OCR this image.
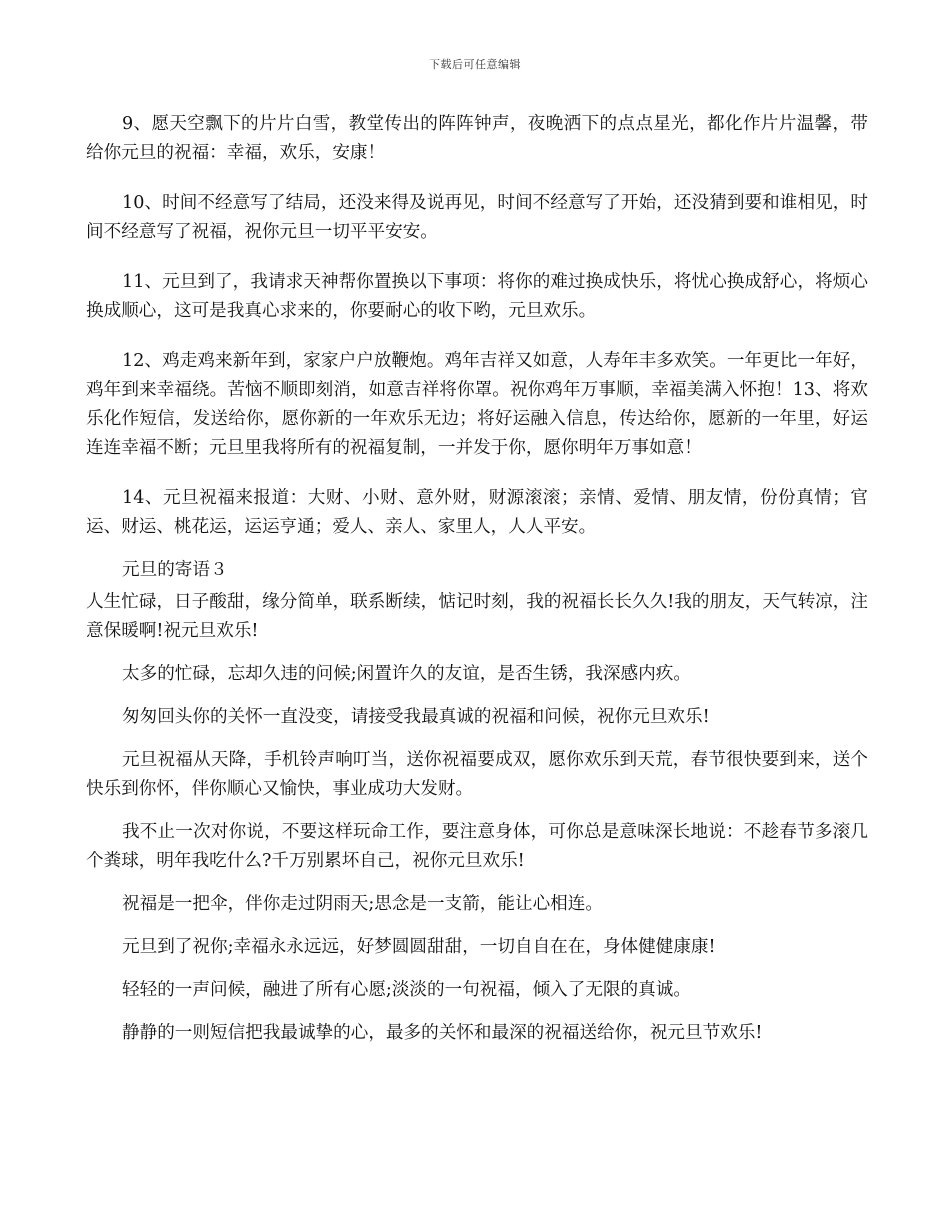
下载后可任意编辑

9、愿天空飘下的片片白雪，教堂传出的阵阵钟声，夜晚洒下的点点星光，都化作片片温馨，带给你元旦的祝福：幸福，欢乐，安康！

10、时间不经意写了结局，还没来得及说再见，时间不经意写了开始，还没猜到要和谁相见，时间不经意写了祝福，祝你元旦一切平平安安。

11、元旦到了，我请求天神帮你置换以下事项：将你的难过换成快乐，将忧心换成舒心，将烦心换成顺心，这可是我真心求来的，你要耐心的收下哟，元旦欢乐。

12、鸡走鸡来新年到，家家户户放鞭炮。鸡年吉祥又如意，人寿年丰多欢笑。一年更比一年好，鸡年到来幸福绕。苦恼不顺即刻消，如意吉祥将你罩。祝你鸡年万事顺，幸福美满入怀抱！13、将欢乐化作短信，发送给你，愿你新的一年欢乐无边；将好运融入信息，传达给你，愿新的一年里，好运连连幸福不断；元旦里我将所有的祝福复制，一并发于你，愿你明年万事如意！

14、元旦祝福来报道：大财、小财、意外财，财源滚滚；亲情、爱情、朋友情，份份真情；官运、财运、桃花运，运运亨通；爱人、亲人、家里人，人人平安。

元旦的寄语３

人生忙碌，日子酸甜，缘分简单，联系断续，惦记时刻，我的祝福长长久久!我的朋友，天气转凉，注意保暖啊!祝元旦欢乐!

太多的忙碌，忘却久违的问候;闲置许久的友谊，是否生锈，我深感内疚。

匆匆回头你的关怀一直没变，请接受我最真诚的祝福和问候，祝你元旦欢乐!

元旦祝福从天降，手机铃声响叮当，送你祝福要成双，愿你欢乐到天荒，春节很快要到来，送个快乐到你怀，伴你顺心又愉快，事业成功大发财。

我不止一次对你说，不要这样玩命工作，要注意身体，可你总是意味深长地说：不趁春节多滚几个粪球，明年我吃什么?千万别累坏自己，祝你元旦欢乐!

祝福是一把伞，伴你走过阴雨天;思念是一支箭，能让心相连。

元旦到了祝你;幸福永永远远，好梦圆圆甜甜，一切自自在在，身体健健康康!

轻轻的一声问候，融进了所有心愿;淡淡的一句祝福，倾入了无限的真诚。

静静的一则短信把我最诚挚的心，最多的关怀和最深的祝福送给你，祝元旦节欢乐!
